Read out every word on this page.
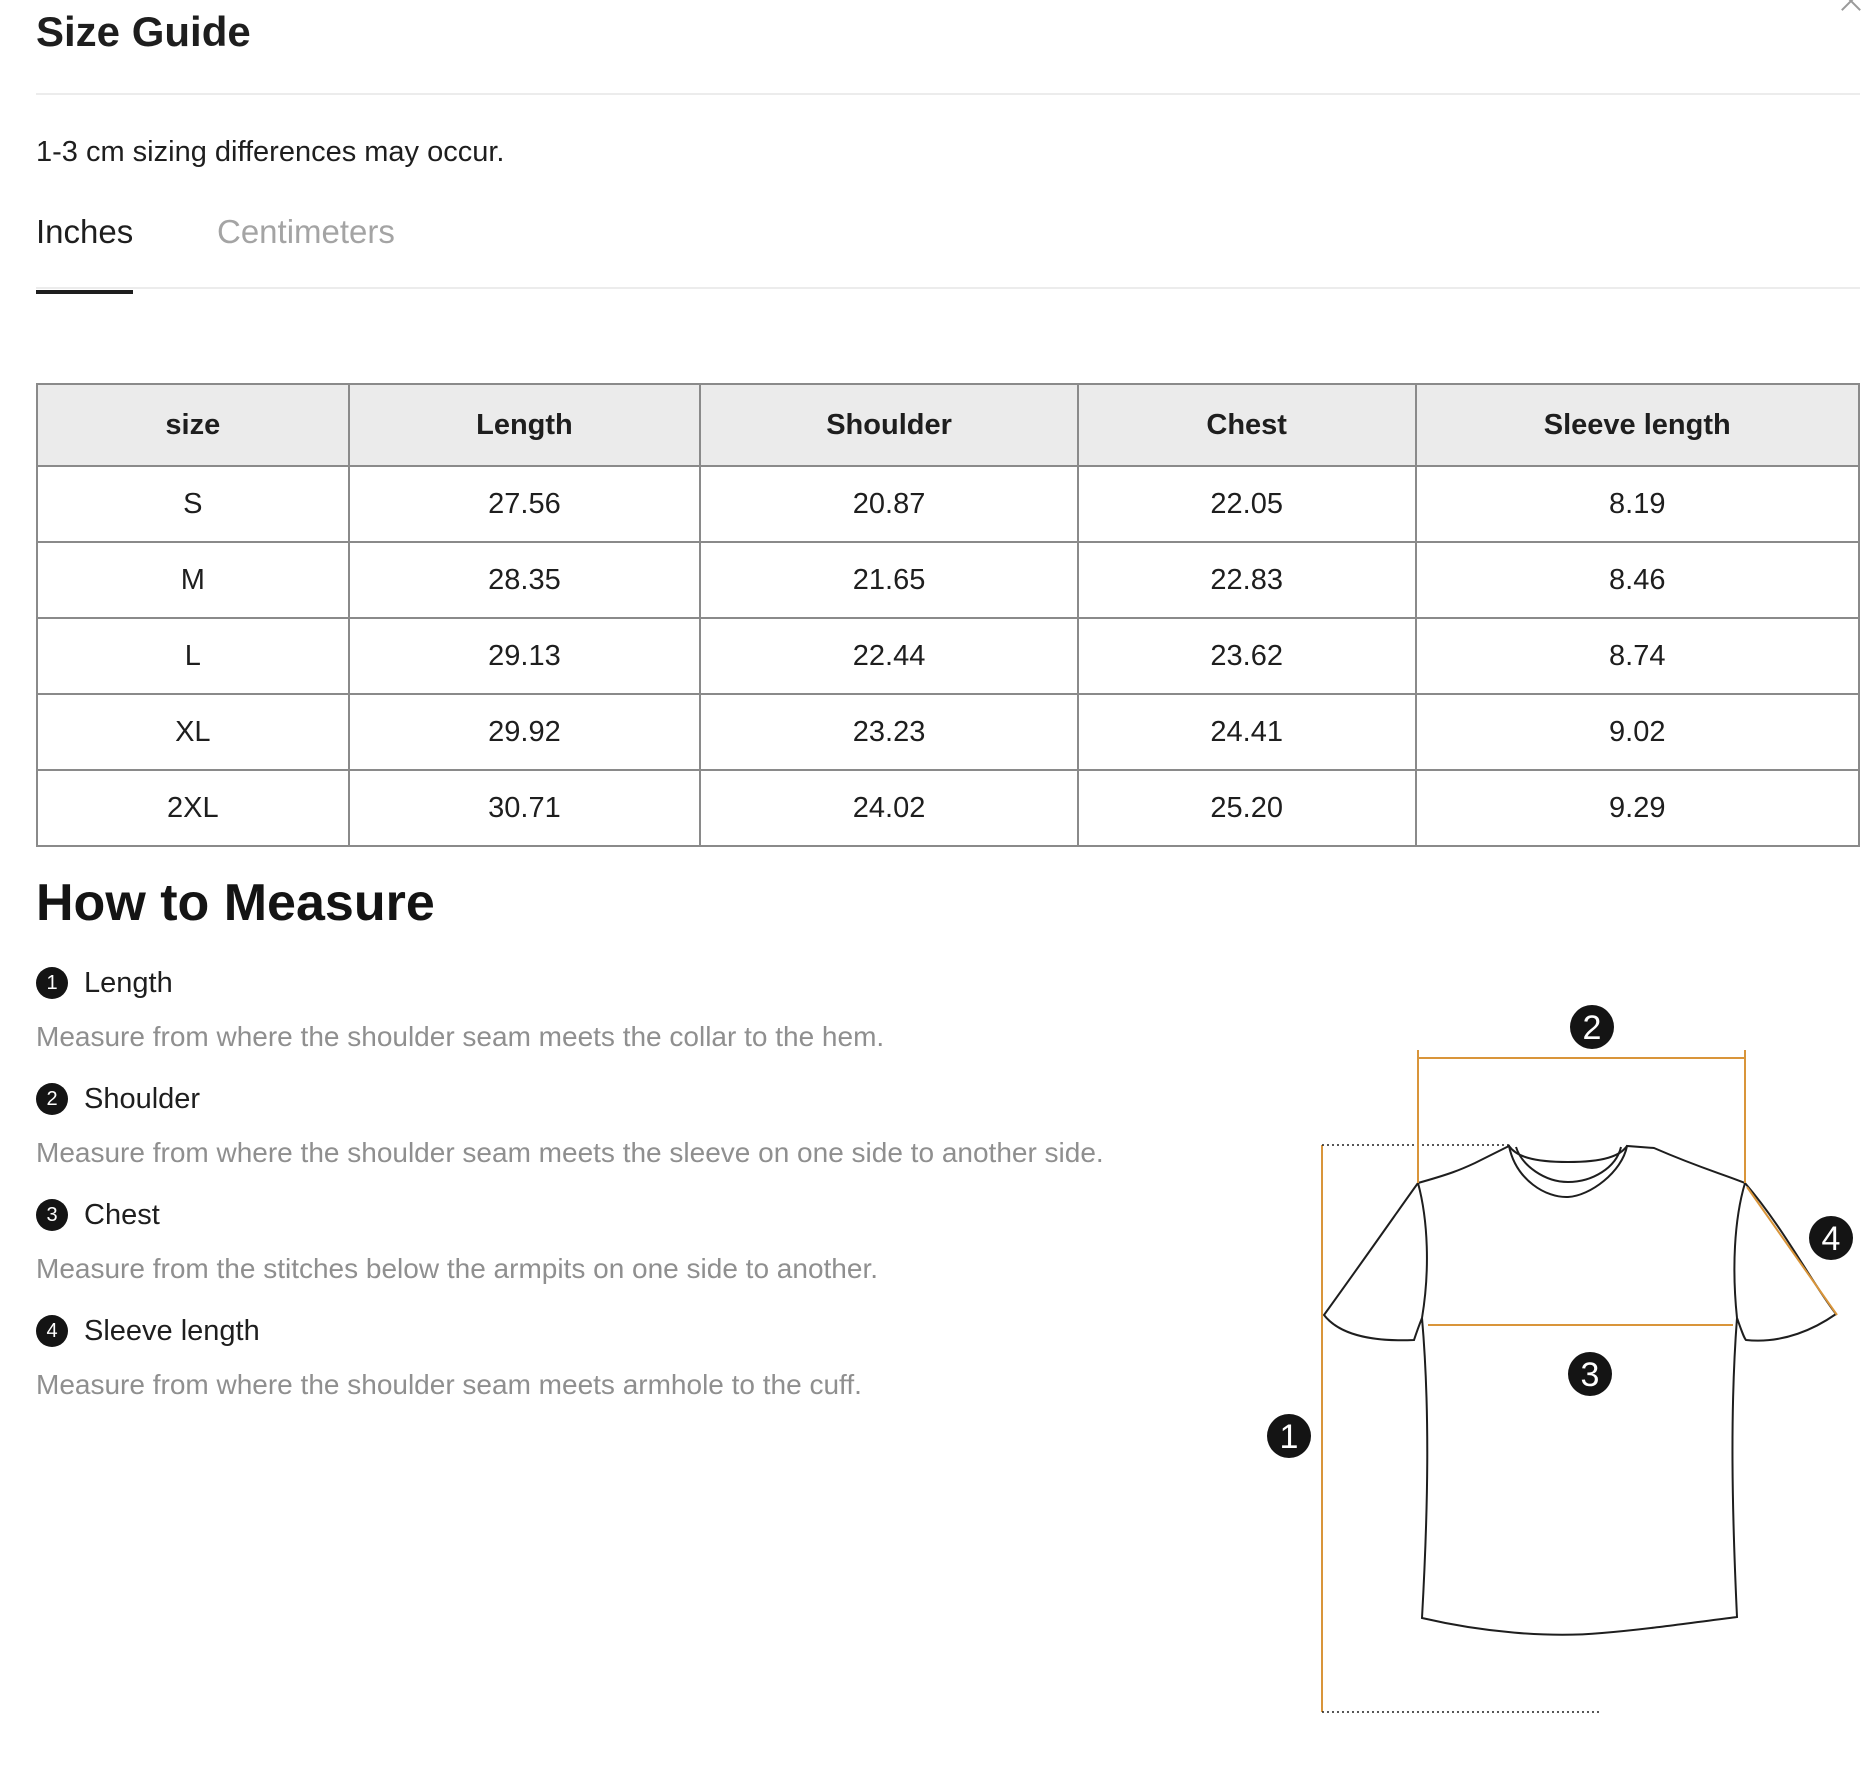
Size Guide
1-3 cm sizing differences may occur.
Inches	Centimeters
size	Length	Shoulder	Chest	Sleeve length
S	27.56	20.87	22.05	8.19
M	28.35	21.65	22.83	8.46
L	29.13	22.44	23.62	8.74
XL	29.92	23.23	24.41	9.02
2XL	30.71	24.02	25.20	9.29
How to Measure
1 Length
Measure from where the shoulder seam meets the collar to the hem.
2 Shoulder
Measure from where the shoulder seam meets the sleeve on one side to another side.
3 Chest
Measure from the stitches below the armpits on one side to another.
4 Sleeve length
Measure from where the shoulder seam meets armhole to the cuff.
1
2
3
4
